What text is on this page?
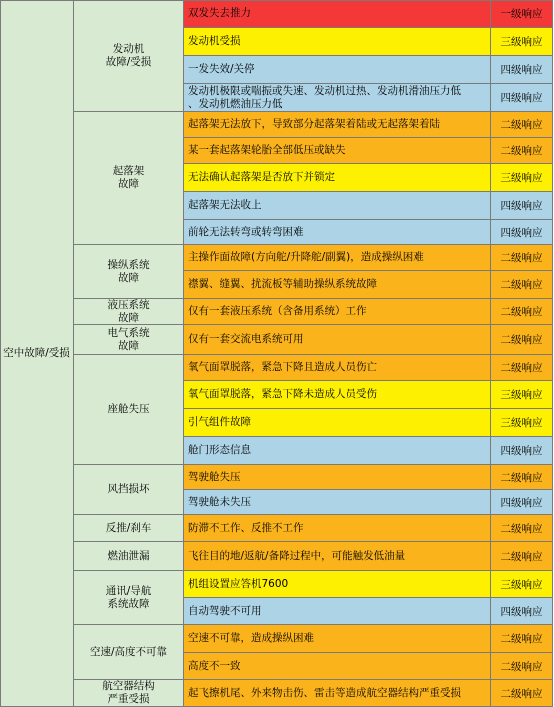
空中故障/受损
发动机
故障/受损
双发失去推力	一级响应
发动机受损	三级响应
一发失效/关停	四级响应
发动机极限或喘振或失速、发动机过热、发动机滑油压力低
、发动机燃油压力低	四级响应
起落架
故障
起落架无法放下，导致部分起落架着陆或无起落架着陆	二级响应
某一套起落架轮胎全部低压或缺失	二级响应
无法确认起落架是否放下并锁定	三级响应
起落架无法收上	四级响应
前轮无法转弯或转弯困难	四级响应
操纵系统
故障
主操作面故障(方向舵/升降舵/副翼)，造成操纵困难	二级响应
襟翼、缝翼、扰流板等辅助操纵系统故障	二级响应
液压系统
故障
仅有一套液压系统（含备用系统）工作	二级响应
电气系统
故障
仅有一套交流电系统可用	二级响应
座舱失压
氧气面罩脱落，紧急下降且造成人员伤亡	二级响应
氧气面罩脱落，紧急下降未造成人员受伤	三级响应
引气组件故障	三级响应
舱门形态信息	四级响应
风挡损坏
驾驶舱失压	二级响应
驾驶舱未失压	四级响应
反推/刹车	防滞不工作、反推不工作	二级响应
燃油泄漏	飞往目的地/返航/备降过程中，可能触发低油量	二级响应
通讯/导航
系统故障
机组设置应答机7600	三级响应
自动驾驶不可用	四级响应
空速/高度不可靠
空速不可靠，造成操纵困难	二级响应
高度不一致	二级响应
航空器结构
严重受损
起飞擦机尾、外来物击伤、雷击等造成航空器结构严重受损	二级响应
